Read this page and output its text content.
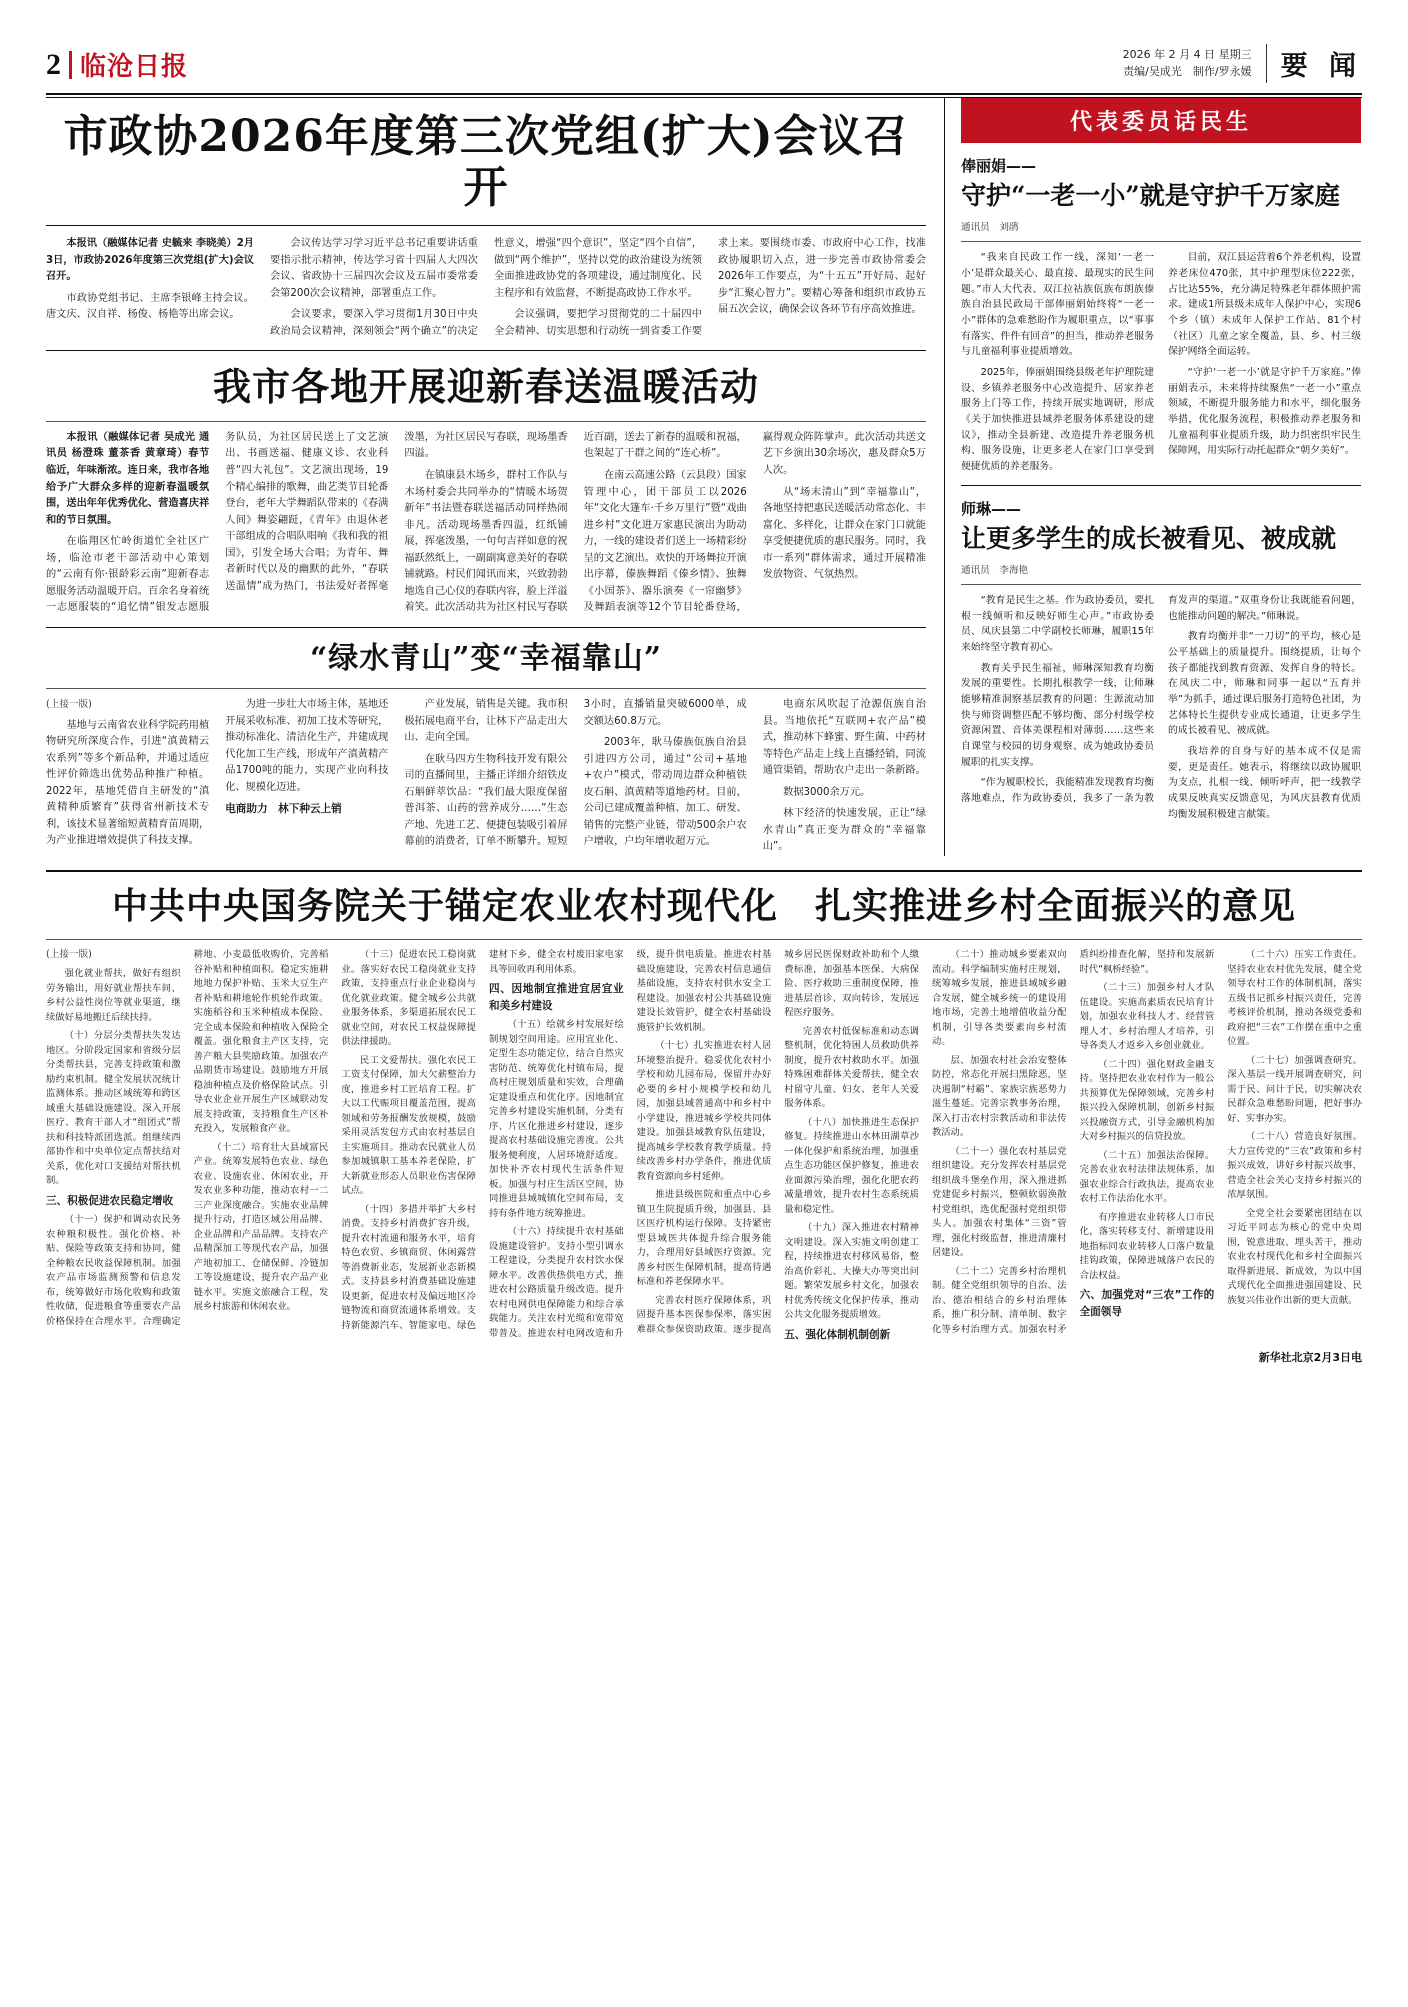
2 临沧日报	2026 年 2 月 4 日 星期三
责编/吴成光　制作/罗永媛	要 闻
市政协2026年度第三次党组(扩大)会议召开

本报讯（融媒体记者 史毓来 李晓美）2月3日，市政协2026年度第三次党组(扩大)会议召开。

市政协党组书记、主席李银峰主持会议。唐文庆、汉自祥、杨俊、杨艳等出席会议。

会议传达学习学习近平总书记重要讲话重要指示批示精神，传达学习省十四届人大四次会议、省政协十三届四次会议及五届市委常委会第200次会议精神，部署重点工作。

会议要求，要深入学习贯彻1月30日中央政治局会议精神，深刻领会“两个确立”的决定性意义，增强“四个意识”，坚定“四个自信”，做到“两个维护”，坚持以党的政治建设为统领全面推进政协党的各项建设，通过制度化、民主程序和有效监督，不断提高政协工作水平。

会议强调，要把学习贯彻党的二十届四中全会精神、切实思想和行动统一到省委工作要求上来。要围绕市委、市政府中心工作，找准政协履职切入点，进一步完善市政协常委会2026年工作要点，为“十五五”开好局、起好步“汇聚心智力”。要精心筹备和组织市政协五届五次会议，确保会议各环节有序高效推进。

我市各地开展迎新春送温暖活动

本报讯（融媒体记者 吴成光 通讯员 杨澄珠 董茶香 黄章琦）春节临近，年味渐浓。连日来，我市各地给予广大群众多样的迎新春温暖氛围，送出年年优秀优化、营造喜庆祥和的节日氛围。

在临翔区忙岭街道忙全社区广场，临沧市老干部活动中心策划的“云南有你·银龄彩云南”迎新春志愿服务活动温暖开启。百余名身着统一志愿服装的“追忆情”银发志愿服务队员，为社区居民送上了文艺演出、书画送福、健康义诊、农业科普“四大礼包”。文艺演出现场，19个精心编排的歌舞，曲艺类节目轮番登台，老年大学舞蹈队带来的《春满人间》舞姿翩跹，《青年》由退休老干部组成的合唱队唱响《我和我的祖国》，引发全场大合唱；为青年、舞者新时代以及的幽默的此外，“春联送温情”成为热门，书法爱好者挥毫泼墨，为社区居民写春联，现场墨香四溢。

在镇康县木场乡，群村工作队与木场村委会共同举办的“情暖木场贺新年”书法暨春联送福活动同样热闹非凡。活动现场墨香四溢，红纸铺展，挥毫泼墨，一句句吉祥如意的祝福跃然纸上，一副副寓意美好的春联铺就路。村民们闻讯而来，兴致勃勃地选自己心仪的春联内容，脸上洋溢着笑。此次活动共为社区村民写春联近百副，送去了新春的温暖和祝福，也架起了干群之间的“连心桥”。

在南云高速公路（云县段）国家管理中心，团干部员工以2026年“文化大篷车·千乡万里行”暨“戏曲进乡村”文化进万家惠民演出为助动力，一线的建设者们送上一场精彩纷呈的文艺演出。欢快的开场舞拉开演出序幕，傣族舞蹈《傣乡情》、独舞《小国茶》、器乐演奏《一帘幽梦》及舞蹈表演等12个节目轮番登场，赢得观众阵阵掌声。此次活动共送文艺下乡演出30余场次，惠及群众5万人次。

从“场末清山”到“幸福靠山”，各地坚持把惠民送暖活动常态化、丰富化、多样化，让群众在家门口就能享受便捷优质的惠民服务。同时，我市一系列“群体需求，通过开展精准发放物资、气氛热烈。

“绿水青山”变“幸福靠山”

(上接一版)

基地与云南省农业科学院药用植物研究所深度合作，引进“滇黄精云农系列”等多个新品种，并通过适应性评价筛选出优势品种推广种植。2022年，基地凭借自主研发的“滇黄精种质繁育”获得省州新技术专利，该技术显著缩短黄精育苗周期，为产业推进增效提供了科技支撑。

为进一步壮大市场主体，基地还开展采收标准、初加工技术等研究，推动标准化、清洁化生产，并建成现代化加工生产线，形成年产滇黄精产品1700吨的能力，实现产业向科技化、规模化迈进。

电商助力　林下种云上销

产业发展，销售是关键。我市积极拓展电商平台，让林下产品走出大山、走向全国。

在耿马四方生物科技开发有限公司的直播间里，主播正详细介绍铁皮石斛鲜萃饮品：“我们最大限度保留普洱茶、山药的营养成分……”生态产地、先进工艺、便捷包装吸引着屏幕前的消费者，订单不断攀升。短短3小时，直播销量突破6000单，成交额达60.8万元。

2003年，耿马傣族佤族自治县引进四方公司，通过“公司+基地+农户”模式，带动周边群众种植铁皮石斛、滇黄精等道地药材。目前，公司已建成覆盖种植、加工、研发、销售的完整产业链，带动500余户农户增收，户均年增收超万元。

电商东风吹起了沧源佤族自治县。当地依托“互联网+农产品”模式，推动林下蜂蜜、野生菌、中药材等特色产品走上线上直播经销，同流通管渠销，帮助农户走出一条新路。

数据3000余万元。

林下经济的快速发展，正让“绿水青山”真正变为群众的“幸福靠山”。

代表委员话民生
俸丽娟——
守护“一老一小”就是守护千万家庭
通讯员　刘鹃

“我来自民政工作一线，深知‘一老一小’是群众最关心、最直接、最现实的民生问题。”市人大代表、双江拉祜族佤族布朗族傣族自治县民政局干部俸丽娟始终将“一老一小”群体的急难愁盼作为履职重点，以“事事有落实、件件有回音”的担当，推动养老服务与儿童福利事业提质增效。

2025年，俸丽娟围绕县级老年护理院建设、乡镇养老服务中心改造提升、居家养老服务上门等工作，持续开展实地调研，形成《关于加快推进县域养老服务体系建设的建议》，推动全县新建、改造提升养老服务机构、服务设施，让更多老人在家门口享受到便捷优质的养老服务。

目前，双江县运营着6个养老机构，设置养老床位470张，其中护理型床位222张，占比达55%，充分满足特殊老年群体照护需求。建成1所县级未成年人保护中心，实现6个乡（镇）未成年人保护工作站、81个村（社区）儿童之家全覆盖，县、乡、村三级保护网络全面运转。

“守护‘一老一小’就是守护千万家庭。”俸丽娟表示，未来将持续聚焦“一老一小”重点领域，不断提升服务能力和水平，细化服务举措，优化服务流程，积极推动养老服务和儿童福利事业提质升级，助力织密织牢民生保障网，用实际行动托起群众“朝夕美好”。

师琳——
让更多学生的成长被看见、被成就
通讯员　李海艳

“教育是民生之基。作为政协委员，要扎根一线倾听和反映好师生心声。”市政协委员、凤庆县第二中学副校长师琳，履职15年来始终坚守教育初心。

教育关乎民生福祉，师琳深知教育均衡发展的重要性。长期扎根教学一线，让师琳能够精准洞察基层教育的问题：生源流动加快与师资调整匹配不够均衡、部分村级学校资源闲置、音体美课程相对薄弱……这些来自课堂与校园的切身观察、成为她政协委员履职的扎实支撑。

“作为履职校长，我能精准发现教育均衡落地难点，作为政协委员，我多了一条为教育发声的渠道。”双重身份让我既能看问题，也能推动问题的解决。”师琳说。

教育均衡并非“一刀切”的平均，核心是公平基础上的质量提升。围绕提质，让每个孩子都能找到教育资源、发挥自身的特长。在凤庆二中，师琳和同事一起以“五育并举”为抓手，通过课后服务打造特色社团，为艺体特长生提供专业成长通道，让更多学生的成长被看见、被成就。

我培养的自身与好的基本成不仅是需要，更是责任。她表示，将继续以政协履职为支点，扎根一线、倾听呼声，把一线教学成果反映真实反馈意见，为风庆县教育优质均衡发展积极建言献策。

中共中央国务院关于锚定农业农村现代化　扎实推进乡村全面振兴的意见

(上接一版)

强化就业帮扶，做好有组织劳务输出，用好就业帮扶车间、乡村公益性岗位等就业渠道，继续做好易地搬迁后续扶持。

（十）分层分类帮扶失发达地区。分阶段定国家和省级分层分类帮扶县，完善支持政策和激励约束机制。健全发展状况统计监测体系。推动区域统筹和跨区域重大基础设施建设。深入开展医疗、教育干部人才“组团式”帮扶和科技特派团选派。组继续西部协作和中央单位定点帮扶结对关系，优化对口支援结对帮扶机制。

三、积极促进农民稳定增收

（十一）保护和调动农民务农种粮积极性。强化价格、补贴、保险等政策支持和协同，健全种粮农民收益保障机制。加强农产品市场监测预警和信息发布，统筹做好市场化收购和政策性收储，促进粮食等重要农产品价格保持在合理水平。合理确定耕地、小麦最低收购价，完善稻谷补贴和种植面积。稳定实施耕地地力保护补贴、玉米大豆生产者补贴和耕地轮作机轮作政策。实施稻谷和玉米种植成本保险、完全成本保险和种植收入保险全覆盖。强化粮食主产区支持，完善产粮大县奖励政策。加强农产品期货市场建设。鼓励地方开展稳油种植点及价格保险试点。引导农业企业开展生产区域联动发展支持政策，支持粮食生产区补充投入，发展粮食产业。

（十二）培育壮大县域富民产业。统筹发展特色农业、绿色农业、设施农业、休闲农业，开发农业多种功能，推动农村一二三产业深度融合。实施农业品牌提升行动，打造区域公用品牌、企业品牌和产品品牌。支持农产品精深加工等现代农产品，加强产地初加工、仓储保鲜、冷链加工等设施建设，提升农产品产业链水平。实施文旅融合工程，发展乡村旅游和休闲农业。

（十三）促进农民工稳岗就业。落实好农民工稳岗就业支持政策，支持重点行业企业稳岗与优化就业政策。健全城乡公共就业服务体系，多渠道拓展农民工就业空间，对农民工权益保障提供法律援助。

民工文爱帮扶。强化农民工工资支付保障，加大欠薪整治力度，推进乡村工匠培育工程。扩大以工代赈项目覆盖范围，提高领域和劳务报酬发放规模，鼓励采用灵活发包方式由农村基层自主实施项目。推动农民就业人员参加城镇职工基本养老保险，扩大新就业形态人员职业伤害保障试点。

（十四）多措并举扩大乡村消费。支持乡村消费扩容升级，提升农村流通和服务水平，培育特色农贸、乡镇商贸、休闲露营等消费新业态，发展新业态新模式。支持县乡村消费基础设施建设更新，促进农村及偏远地区冷链物流和商贸流通体系增效。支持新能源汽车、智能家电、绿色建材下乡，健全农村废旧家电家具等回收再利用体系。

四、因地制宜推进宜居宜业和美乡村建设

（十五）绘就乡村发展好绘制规划空间用途。应用宜业化、定型生态功能定位，结合自然灾害防范、统筹优化村镇布局，提高村庄规划质量和实效，合理确定建设重点和优化序。因地制宜完善乡村建设实施机制，分类有序、片区化推进乡村建设，逐步提高农村基础设施完善度。公共服务便利度，人居环境舒适度。加快补齐农村现代生活条件短板。加强与村庄生活区空间，协同推进县域城镇化空间布局，支持有条件地方统筹推进。

（十六）持续提升农村基础设施建设管护。支持小型引调水工程建设，分类提升农村饮水保障水平。改善供热供电方式，推进农村公路质量升级改造。提升农村电网供电保障能力和综合承载能力。关注农村光缆和宽带宽带普及。推进农村电网改造和升级，提升供电质量。推进农村基础设施建设，完善农村信息通信基础设施，支持农村供水安全工程建设。加强农村公共基础设施建设长效管护，健全农村基础设施管护长效机制。

（十七）扎实推进农村人居环境整治提升。稳妥优化农村小学校和幼儿园布局，保留并办好必要的乡村小规模学校和幼儿园，加强县域普通高中和乡村中小学建设，推进城乡学校共同体建设。加强县域教育队伍建设，提高城乡学校教育教学质量。持续改善乡村办学条件，推进优质教育资源向乡村延伸。

推进县级医院和重点中心乡镇卫生院提质升级，加强县、县区医疗机构运行保障。支持紧密型县域医共体提升综合服务能力，合理用好县域医疗资源。完善乡村医生保障机制，提高待遇标准和养老保障水平。

完善农村医疗保障体系，巩固提升基本医保参保率，落实困难群众参保资助政策。逐步提高城乡居民医保财政补助和个人缴费标准，加强基本医保、大病保险、医疗救助三重制度保障，推进基层首诊、双向转诊，发展远程医疗服务。

完善农村低保标准和动态调整机制，优化特困人员救助供养制度，提升农村救助水平。加强特殊困难群体关爱帮扶，健全农村留守儿童、妇女、老年人关爱服务体系。

（十八）加快推进生态保护修复。持续推进山水林田湖草沙一体化保护和系统治理，加强重点生态功能区保护修复，推进农业面源污染治理，强化化肥农药减量增效，提升农村生态系统质量和稳定性。

（十九）深入推进农村精神文明建设。深入实施文明创建工程，持续推进农村移风易俗，整治高价彩礼、大操大办等突出问题。繁荣发展乡村文化，加强农村优秀传统文化保护传承，推动公共文化服务提质增效。

五、强化体制机制创新

（二十）推动城乡要素双向流动。科学编制实施村庄规划，统筹城乡发展，推进县域城乡融合发展，健全城乡统一的建设用地市场，完善土地增值收益分配机制，引导各类要素向乡村流动。

层、加强农村社会治安整体防控，常态化开展扫黑除恶，坚决遏制“村霸”、家族宗族恶势力滋生蔓延。完善宗教事务治理，深入打击农村宗教活动和非法传教活动。

（二十一）强化农村基层党组织建设。充分发挥农村基层党组织战斗堡垒作用，深入推进抓党建促乡村振兴，整顿软弱涣散村党组织，选优配强村党组织带头人。加强农村集体“三资”管理，强化村级监督，推进清廉村居建设。

（二十二）完善乡村治理机制。健全党组织领导的自治、法治、德治相结合的乡村治理体系，推广积分制、清单制、数字化等乡村治理方式。加强农村矛盾纠纷排查化解，坚持和发展新时代“枫桥经验”。

（二十三）加强乡村人才队伍建设。实施高素质农民培育计划，加强农业科技人才、经营管理人才、乡村治理人才培养，引导各类人才返乡入乡创业就业。

（二十四）强化财政金融支持。坚持把农业农村作为一般公共预算优先保障领域，完善乡村振兴投入保障机制，创新乡村振兴投融资方式，引导金融机构加大对乡村振兴的信贷投放。

（二十五）加强法治保障。完善农业农村法律法规体系，加强农业综合行政执法，提高农业农村工作法治化水平。

有序推进农业转移人口市民化，落实转移支付、新增建设用地指标同农业转移人口落户数量挂钩政策，保障进城落户农民的合法权益。

六、加强党对“三农”工作的全面领导

（二十六）压实工作责任。坚持农业农村优先发展，健全党领导农村工作的体制机制，落实五级书记抓乡村振兴责任，完善考核评价机制，推动各级党委和政府把“三农”工作摆在重中之重位置。

（二十七）加强调查研究。深入基层一线开展调查研究，问需于民、问计于民，切实解决农民群众急难愁盼问题，把好事办好、实事办实。

（二十八）营造良好氛围。大力宣传党的“三农”政策和乡村振兴成效，讲好乡村振兴故事，营造全社会关心支持乡村振兴的浓厚氛围。

全党全社会要紧密团结在以习近平同志为核心的党中央周围，锐意进取、埋头苦干，推动农业农村现代化和乡村全面振兴取得新进展、新成效，为以中国式现代化全面推进强国建设、民族复兴伟业作出新的更大贡献。

新华社北京2月3日电
